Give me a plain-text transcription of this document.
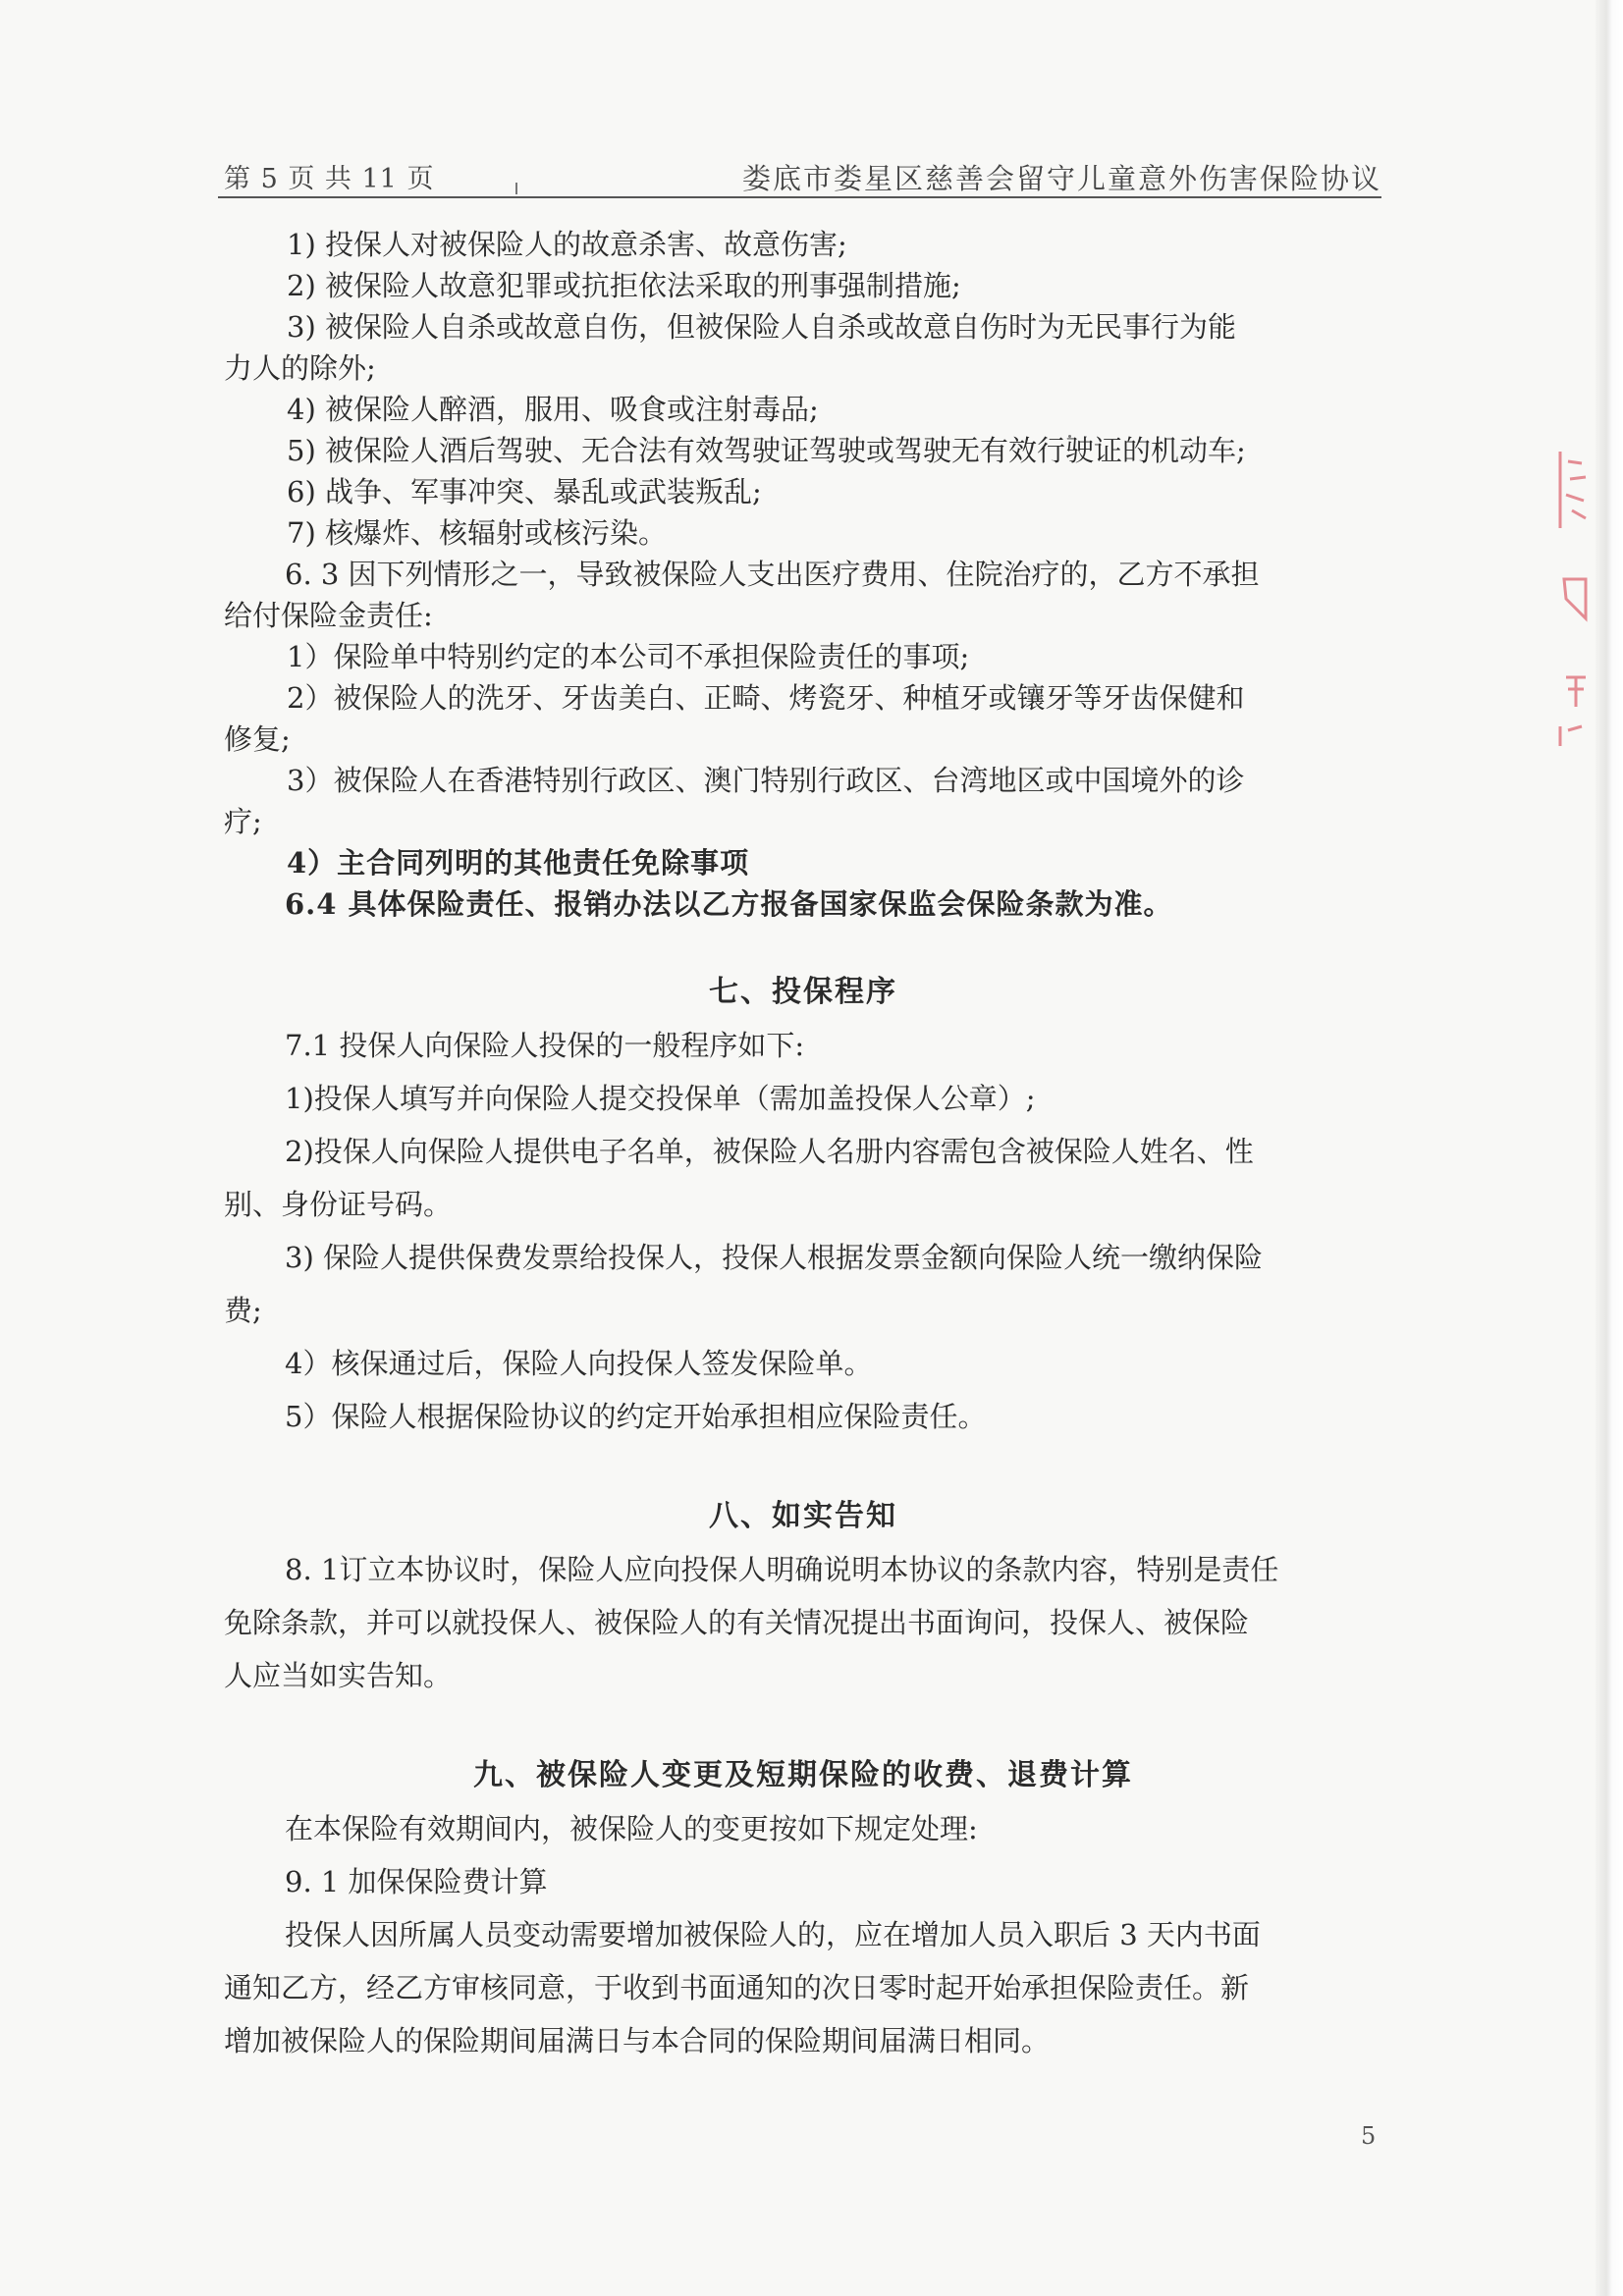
第 5 页 共 11 页	娄底市娄星区慈善会留守儿童意外伤害保险协议

1) 投保人对被保险人的故意杀害、故意伤害;

2) 被保险人故意犯罪或抗拒依法采取的刑事强制措施;

3) 被保险人自杀或故意自伤，但被保险人自杀或故意自伤时为无民事行为能

力人的除外;

4) 被保险人醉酒，服用、吸食或注射毒品;

5) 被保险人酒后驾驶、无合法有效驾驶证驾驶或驾驶无有效行驶证的机动车;

6) 战争、军事冲突、暴乱或武装叛乱;

7) 核爆炸、核辐射或核污染。

6. 3 因下列情形之一，导致被保险人支出医疗费用、住院治疗的，乙方不承担

给付保险金责任:

1）保险单中特别约定的本公司不承担保险责任的事项;

2）被保险人的洗牙、牙齿美白、正畸、烤瓷牙、种植牙或镶牙等牙齿保健和

修复;

3）被保险人在香港特别行政区、澳门特别行政区、台湾地区或中国境外的诊

疗;

4）主合同列明的其他责任免除事项

6.4 具体保险责任、报销办法以乙方报备国家保监会保险条款为准。

七、投保程序

7.1 投保人向保险人投保的一般程序如下:

1)投保人填写并向保险人提交投保单（需加盖投保人公章）;

2)投保人向保险人提供电子名单，被保险人名册内容需包含被保险人姓名、性

别、身份证号码。

3) 保险人提供保费发票给投保人，投保人根据发票金额向保险人统一缴纳保险

费;

4）核保通过后，保险人向投保人签发保险单。

5）保险人根据保险协议的约定开始承担相应保险责任。

八、如实告知

8. 1订立本协议时，保险人应向投保人明确说明本协议的条款内容，特别是责任

免除条款，并可以就投保人、被保险人的有关情况提出书面询问，投保人、被保险

人应当如实告知。

九、被保险人变更及短期保险的收费、退费计算

在本保险有效期间内，被保险人的变更按如下规定处理:

9. 1 加保保险费计算

投保人因所属人员变动需要增加被保险人的，应在增加人员入职后 3 天内书面

通知乙方，经乙方审核同意，于收到书面通知的次日零时起开始承担保险责任。新

增加被保险人的保险期间届满日与本合同的保险期间届满日相同。

5
